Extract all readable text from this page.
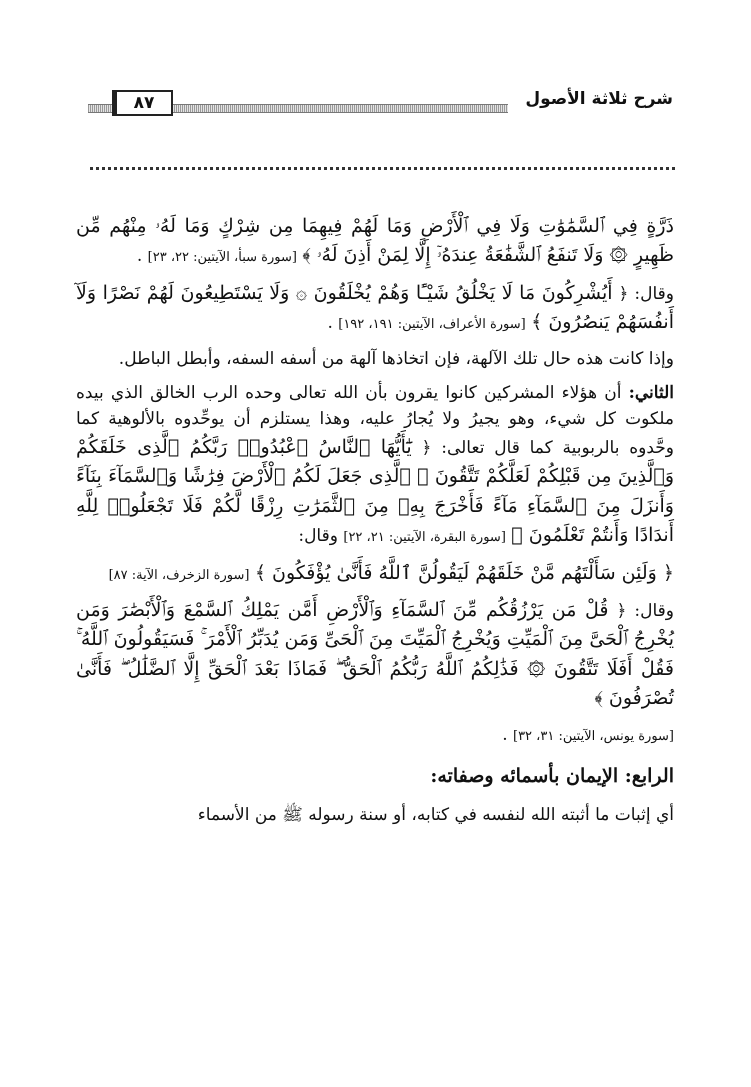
٨٧	شرح ثلاثة الأصول

ذَرَّةٍ فِي ٱلسَّمَٰوَٰتِ وَلَا فِي ٱلْأَرْضِ وَمَا لَهُمْ فِيهِمَا مِن شِرْكٍ وَمَا لَهُۥ مِنْهُم مِّن ظَهِيرٍ ۞ وَلَا تَنفَعُ ٱلشَّفَٰعَةُ عِندَهُۥٓ إِلَّا لِمَنْ أَذِنَ لَهُۥ ﴾ [سورة سبأ، الآيتين: ٢٢، ٢٣] .

وقال: ﴿ أَيُشْرِكُونَ مَا لَا يَخْلُقُ شَيْـًٔا وَهُمْ يُخْلَقُونَ ۞ وَلَا يَسْتَطِيعُونَ لَهُمْ نَصْرًا وَلَآ أَنفُسَهُمْ يَنصُرُونَ ﴾ [سورة الأعراف، الآيتين: ١٩١، ١٩٢] .

وإذا كانت هذه حال تلك الآلهة، فإن اتخاذها آلهة من أسفه السفه، وأبطل الباطل.

الثاني: أن هؤلاء المشركين كانوا يقرون بأن الله تعالى وحده الرب الخالق الذي بيده ملكوت كل شيء، وهو يجيرُ ولا يُجارُ عليه، وهذا يستلزم أن يوحِّدوه بالألوهية كما وحَّدوه بالربوبية كما قال تعالى: ﴿ يَٰٓأَيُّهَا ٱلنَّاسُ ٱعْبُدُوا۟ رَبَّكُمُ ٱلَّذِى خَلَقَكُمْ وَٱلَّذِينَ مِن قَبْلِكُمْ لَعَلَّكُمْ تَتَّقُونَ ۞ ٱلَّذِى جَعَلَ لَكُمُ ٱلْأَرْضَ فِرَٰشًا وَٱلسَّمَآءَ بِنَآءً وَأَنزَلَ مِنَ ٱلسَّمَآءِ مَآءً فَأَخْرَجَ بِهِۦ مِنَ ٱلثَّمَرَٰتِ رِزْقًا لَّكُمْ فَلَا تَجْعَلُوا۟ لِلَّهِ أَندَادًا وَأَنتُمْ تَعْلَمُونَ ﴾ [سورة البقرة، الآيتين: ٢١، ٢٢] وقال:

﴿ وَلَئِن سَأَلْتَهُم مَّنْ خَلَقَهُمْ لَيَقُولُنَّ ٱللَّهُ فَأَنَّىٰ يُؤْفَكُونَ ﴾ [سورة الزخرف، الآية: ٨٧]

وقال: ﴿ قُلْ مَن يَرْزُقُكُم مِّنَ ٱلسَّمَآءِ وَٱلْأَرْضِ أَمَّن يَمْلِكُ ٱلسَّمْعَ وَٱلْأَبْصَٰرَ وَمَن يُخْرِجُ ٱلْحَىَّ مِنَ ٱلْمَيِّتِ وَيُخْرِجُ ٱلْمَيِّتَ مِنَ ٱلْحَىِّ وَمَن يُدَبِّرُ ٱلْأَمْرَ ۚ فَسَيَقُولُونَ ٱللَّهُ ۚ فَقُلْ أَفَلَا تَتَّقُونَ ۞ فَذَٰلِكُمُ ٱللَّهُ رَبُّكُمُ ٱلْحَقُّ ۖ فَمَاذَا بَعْدَ ٱلْحَقِّ إِلَّا ٱلضَّلَٰلُ ۖ فَأَنَّىٰ تُصْرَفُونَ ﴾

[سورة يونس، الآيتين: ٣١، ٣٢] .

الرابع: الإيمان بأسمائه وصفاته:

أي إثبات ما أثبته الله لنفسه في كتابه، أو سنة رسوله ﷺ من الأسماء
